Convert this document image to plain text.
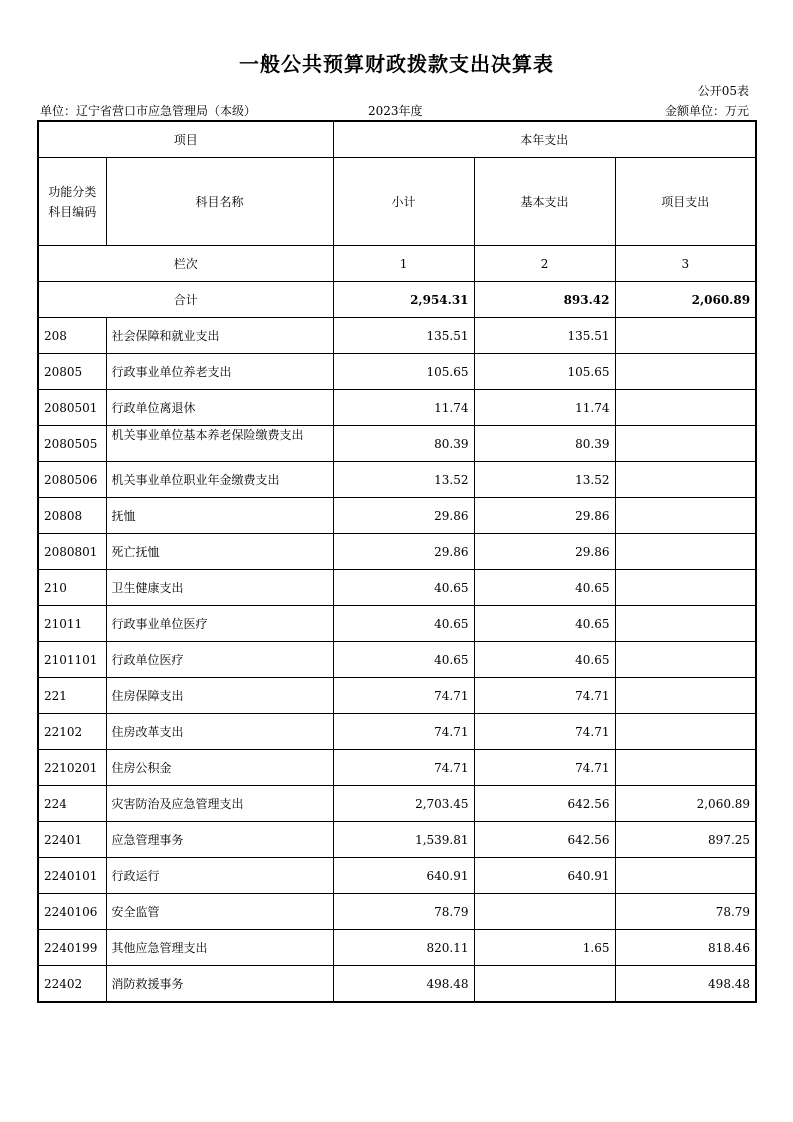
一般公共预算财政拨款支出决算表
公开05表
单位：辽宁省营口市应急管理局（本级）	2023年度	金额单位：万元
项目		本年支出		
功能分类科目编码	科目名称	小计	基本支出	项目支出
栏次		1	2	3
合计		2,954.31	893.42	2,060.89
208	社会保障和就业支出	135.51	135.51	
20805	行政事业单位养老支出	105.65	105.65	
2080501	行政单位离退休	11.74	11.74	
2080505	机关事业单位基本养老保险缴费支出	80.39	80.39	
2080506	机关事业单位职业年金缴费支出	13.52	13.52	
20808	抚恤	29.86	29.86	
2080801	死亡抚恤	29.86	29.86	
210	卫生健康支出	40.65	40.65	
21011	行政事业单位医疗	40.65	40.65	
2101101	行政单位医疗	40.65	40.65	
221	住房保障支出	74.71	74.71	
22102	住房改革支出	74.71	74.71	
2210201	住房公积金	74.71	74.71	
224	灾害防治及应急管理支出	2,703.45	642.56	2,060.89
22401	应急管理事务	1,539.81	642.56	897.25
2240101	行政运行	640.91	640.91	
2240106	安全监管	78.79		78.79
2240199	其他应急管理支出	820.11	1.65	818.46
22402	消防救援事务	498.48		498.48
